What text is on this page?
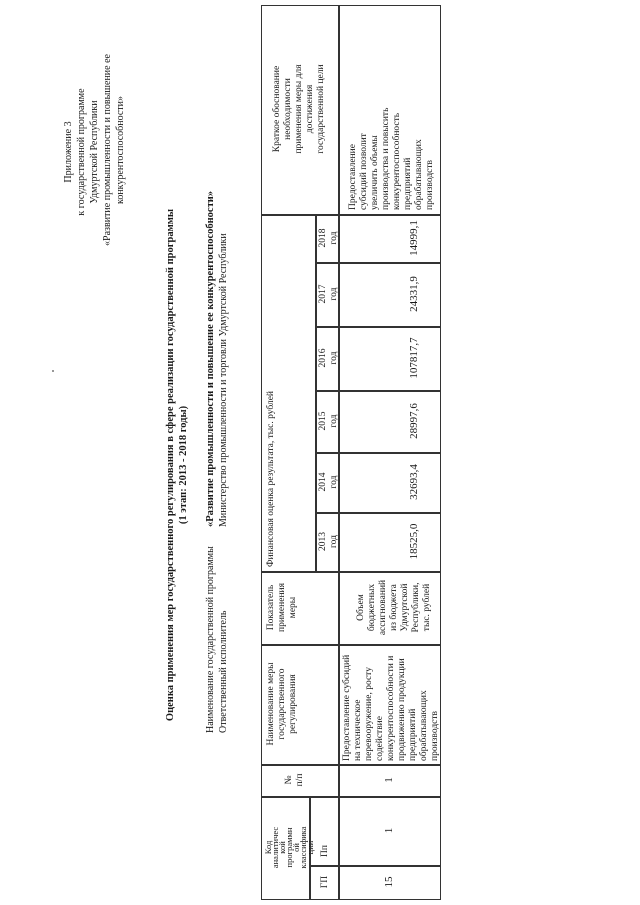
Приложение 3 к государственной программе Удмуртской Республики «Развитие промышленности и повышение ее конкурентоспособности»
Оценка применения мер государственного регулирования в сфере реализации государственной программы (1 этап: 2013 - 2018 годы)
Наименование государственной программы
«Развитие промышленности и повышение ее конкурентоспособности»
Ответственный исполнитель
Министерство промышленности и торговли Удмуртской Республики
Код
аналитичес
кой
программн
ой
классифика
ции
ГП
Пп
№
п/п
Наименование меры
государственного
регулирования
Показатель
применения
меры
Финансовая оценка результата, тыс. рублей	2013
год
2014
год
2015
год
2016
год
2017
год
2018
год
Краткое обоснование
необходимости
применения меры для
достижения
государственной цели
15
1
1
Предоставление субсидий
на техническое
перевооружение, росту
содействие
конкурентоспособности и
продвижению продукции
предприятий
обрабатывающих
производств
Объем
бюджетных
ассигнований
из бюджета
Удмуртской
Республики,
тыс. рублей
18525,0
32693,4
28997,6
107817,7
24331,9
14999,1
Предоставление
субсидий позволит
увеличить объемы
производства и повысить
конкурентоспособность
предприятий
обрабатывающих
производств
